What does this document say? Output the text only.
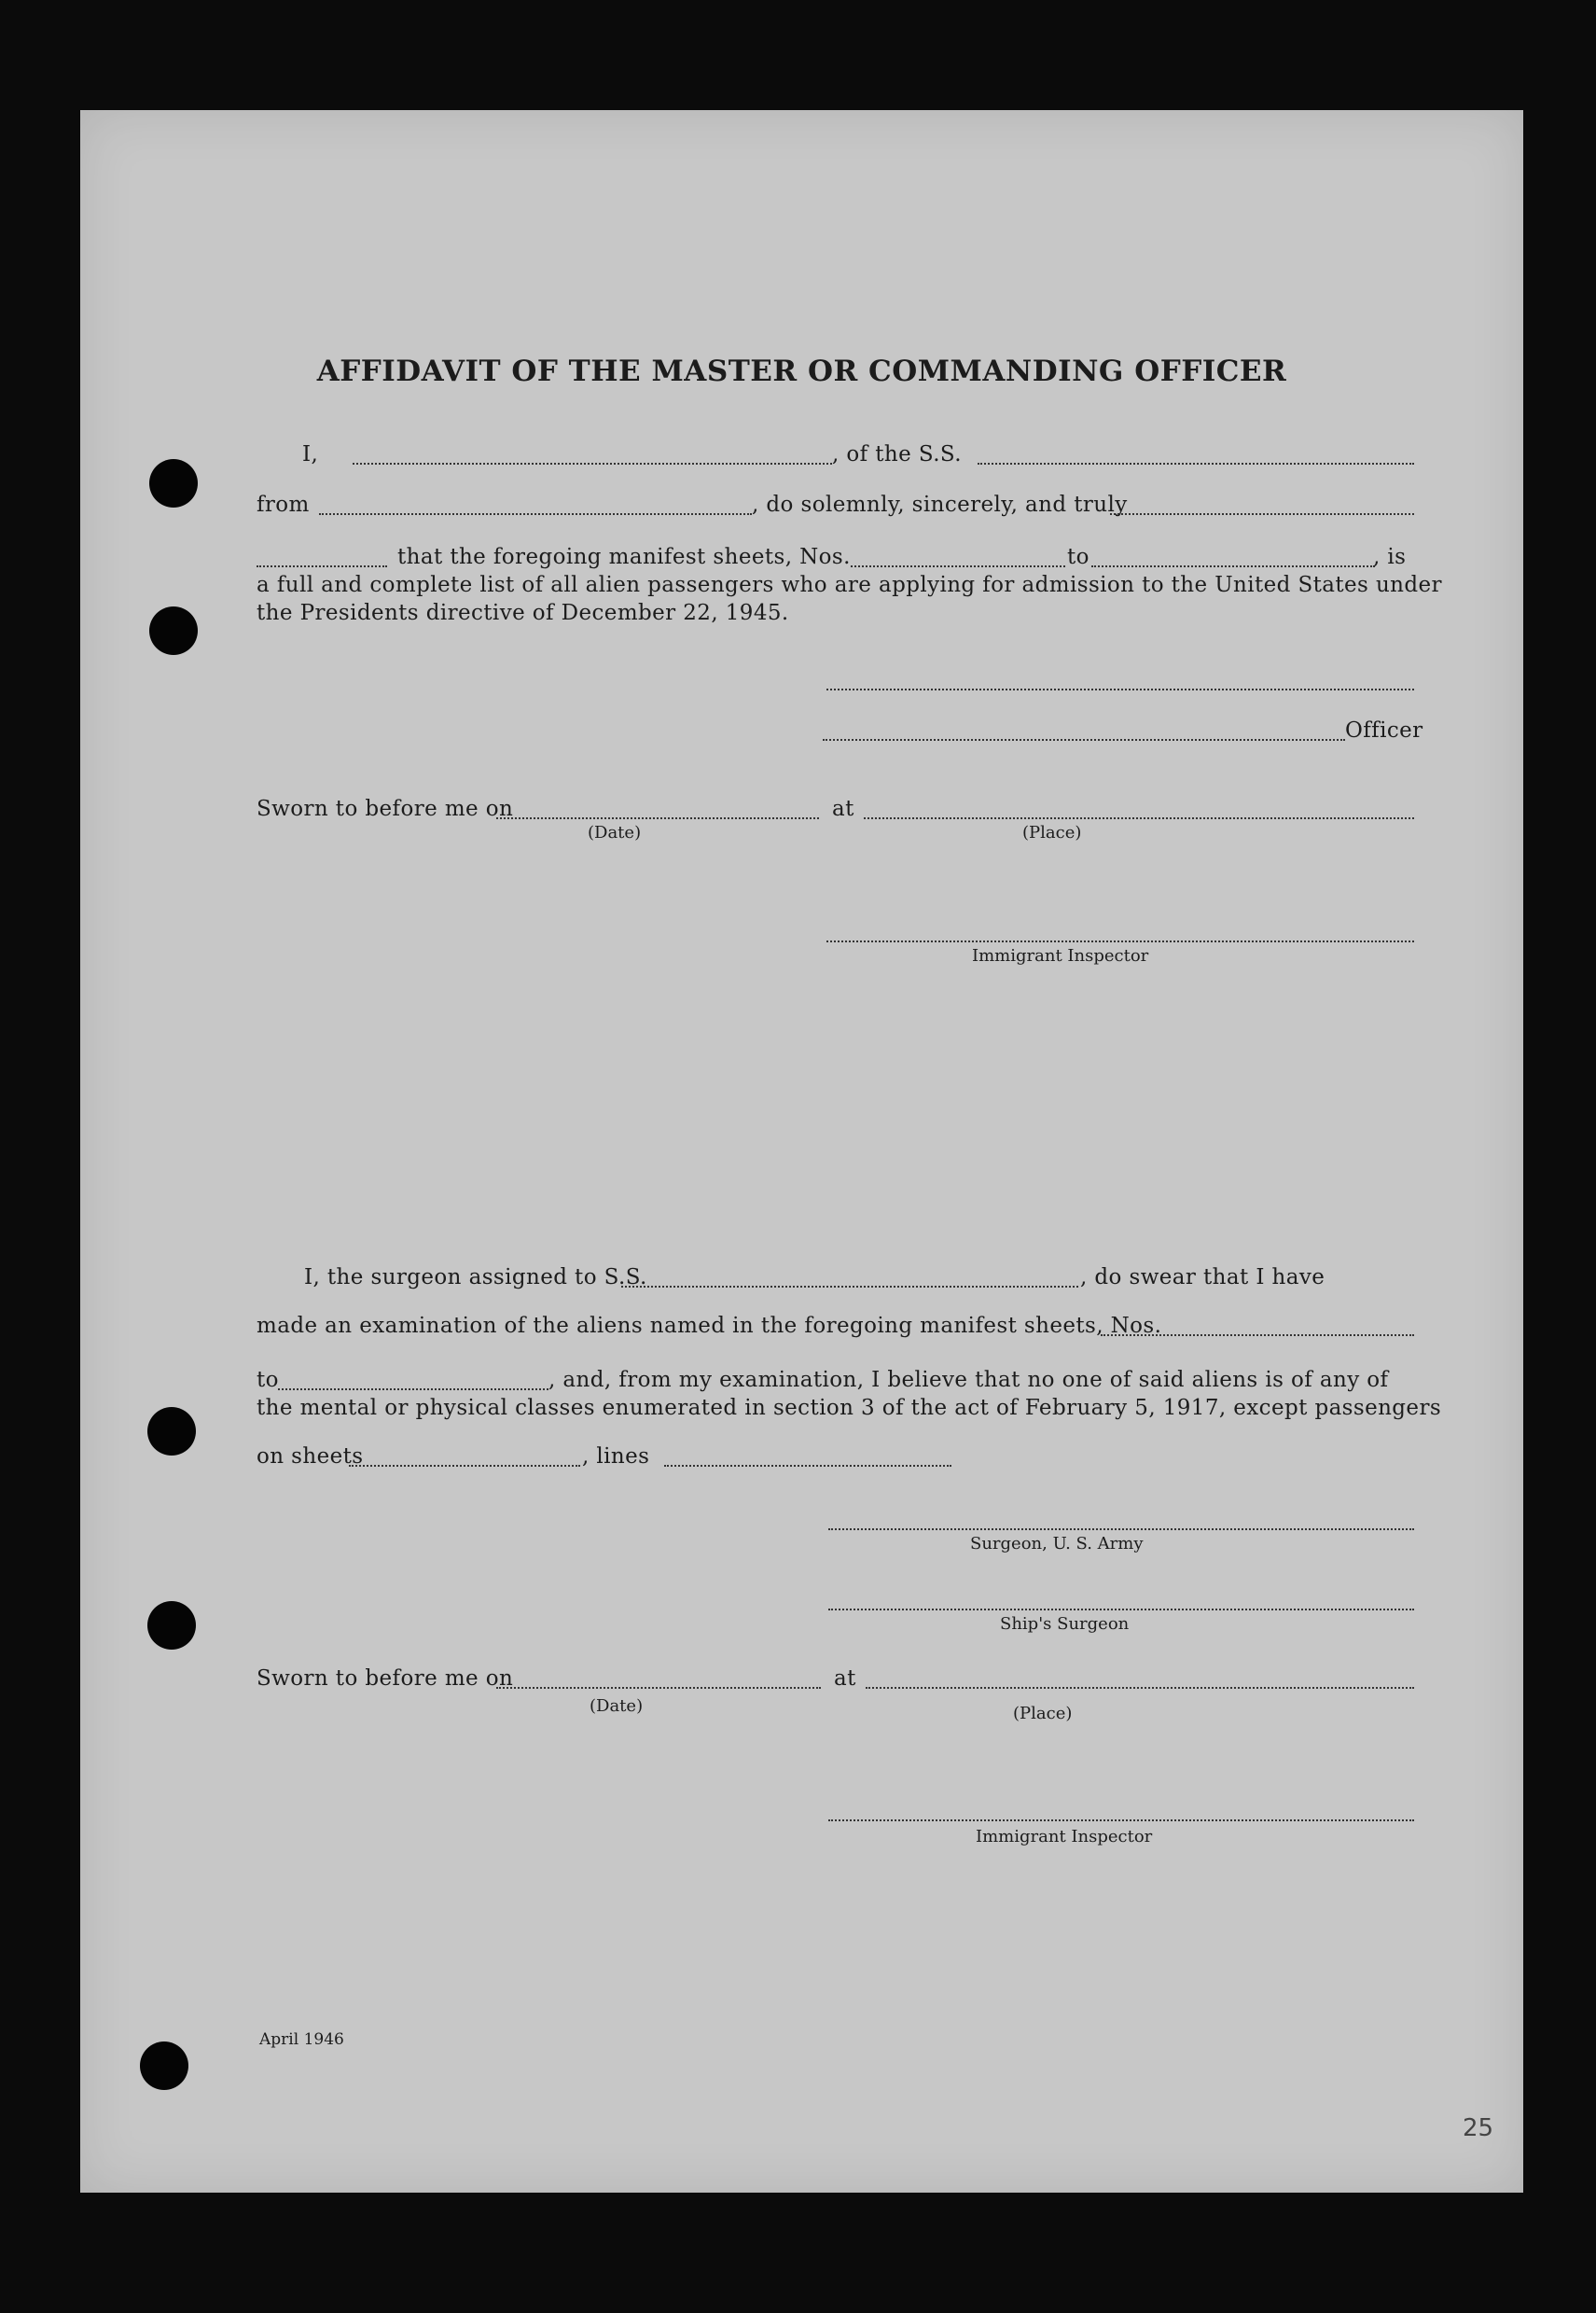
AFFIDAVIT OF THE MASTER OR COMMANDING OFFICER
I,	, of the S.S.
from	, do solemnly, sincerely, and truly
that the foregoing manifest sheets, Nos.	to	, is
a full and complete list of all alien passengers who are applying for admission to the United States under
the Presidents directive of December 22, 1945.
Officer
Sworn to before me on	at
(Date)	(Place)
Immigrant Inspector
I, the surgeon assigned to S.S.	, do swear that I have
made an examination of the aliens named in the foregoing manifest sheets, Nos.
to	, and, from my examination, I believe that no one of said aliens is of any of
the mental or physical classes enumerated in section 3 of the act of February 5, 1917, except passengers
on sheets	, lines
Surgeon, U. S. Army
Ship's Surgeon
Sworn to before me on	at
(Date)	(Place)
Immigrant Inspector
April 1946
25
